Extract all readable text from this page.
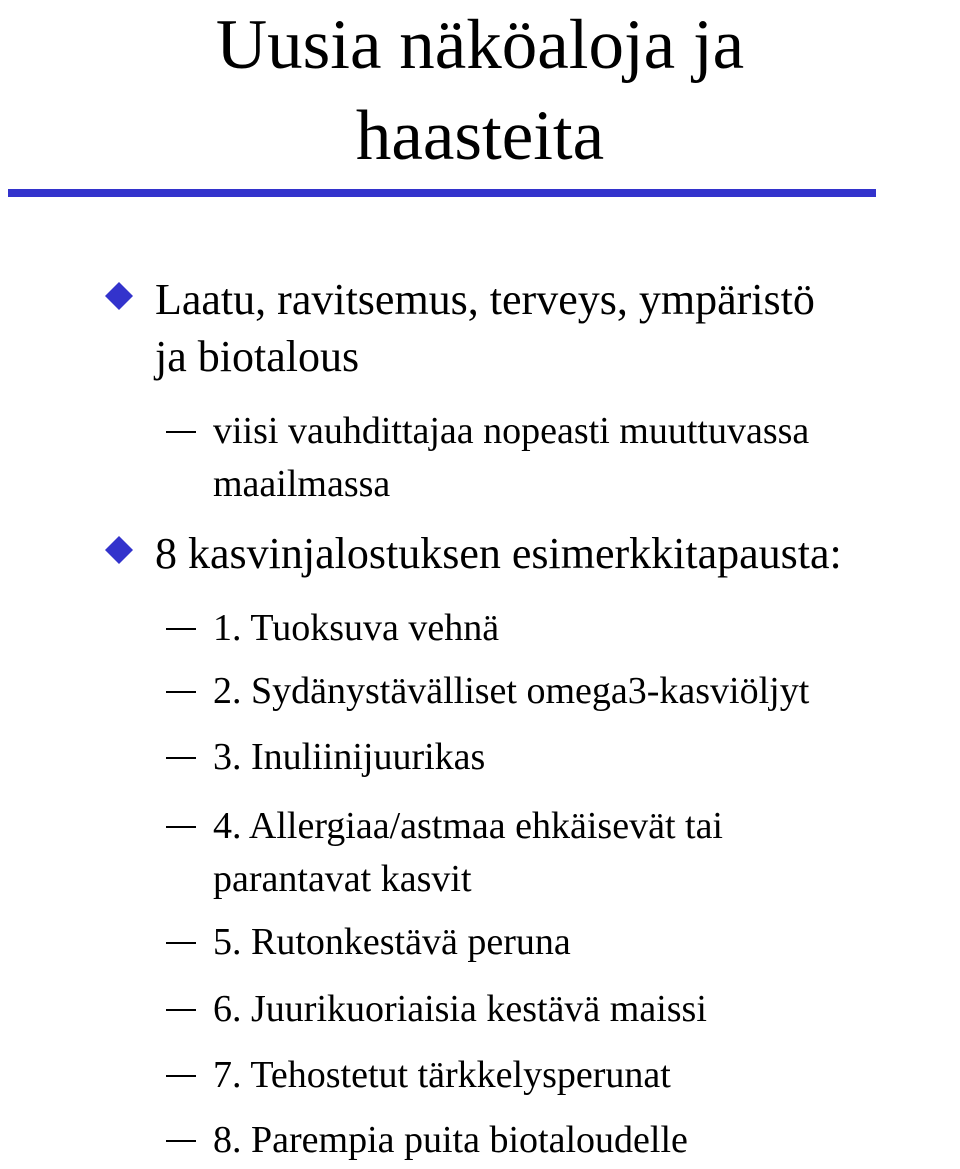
Uusia näköaloja ja
haasteita
Laatu, ravitsemus, terveys, ympäristö
ja biotalous
viisi vauhdittajaa nopeasti muuttuvassa
maailmassa
8 kasvinjalostuksen esimerkkitapausta:
1. Tuoksuva vehnä
2. Sydänystävälliset omega3-kasviöljyt
3. Inuliinijuurikas
4. Allergiaa/astmaa ehkäisevät tai
parantavat kasvit
5. Rutonkestävä peruna
6. Juurikuoriaisia kestävä maissi
7. Tehostetut tärkkelysperunat
8. Parempia puita biotaloudelle
